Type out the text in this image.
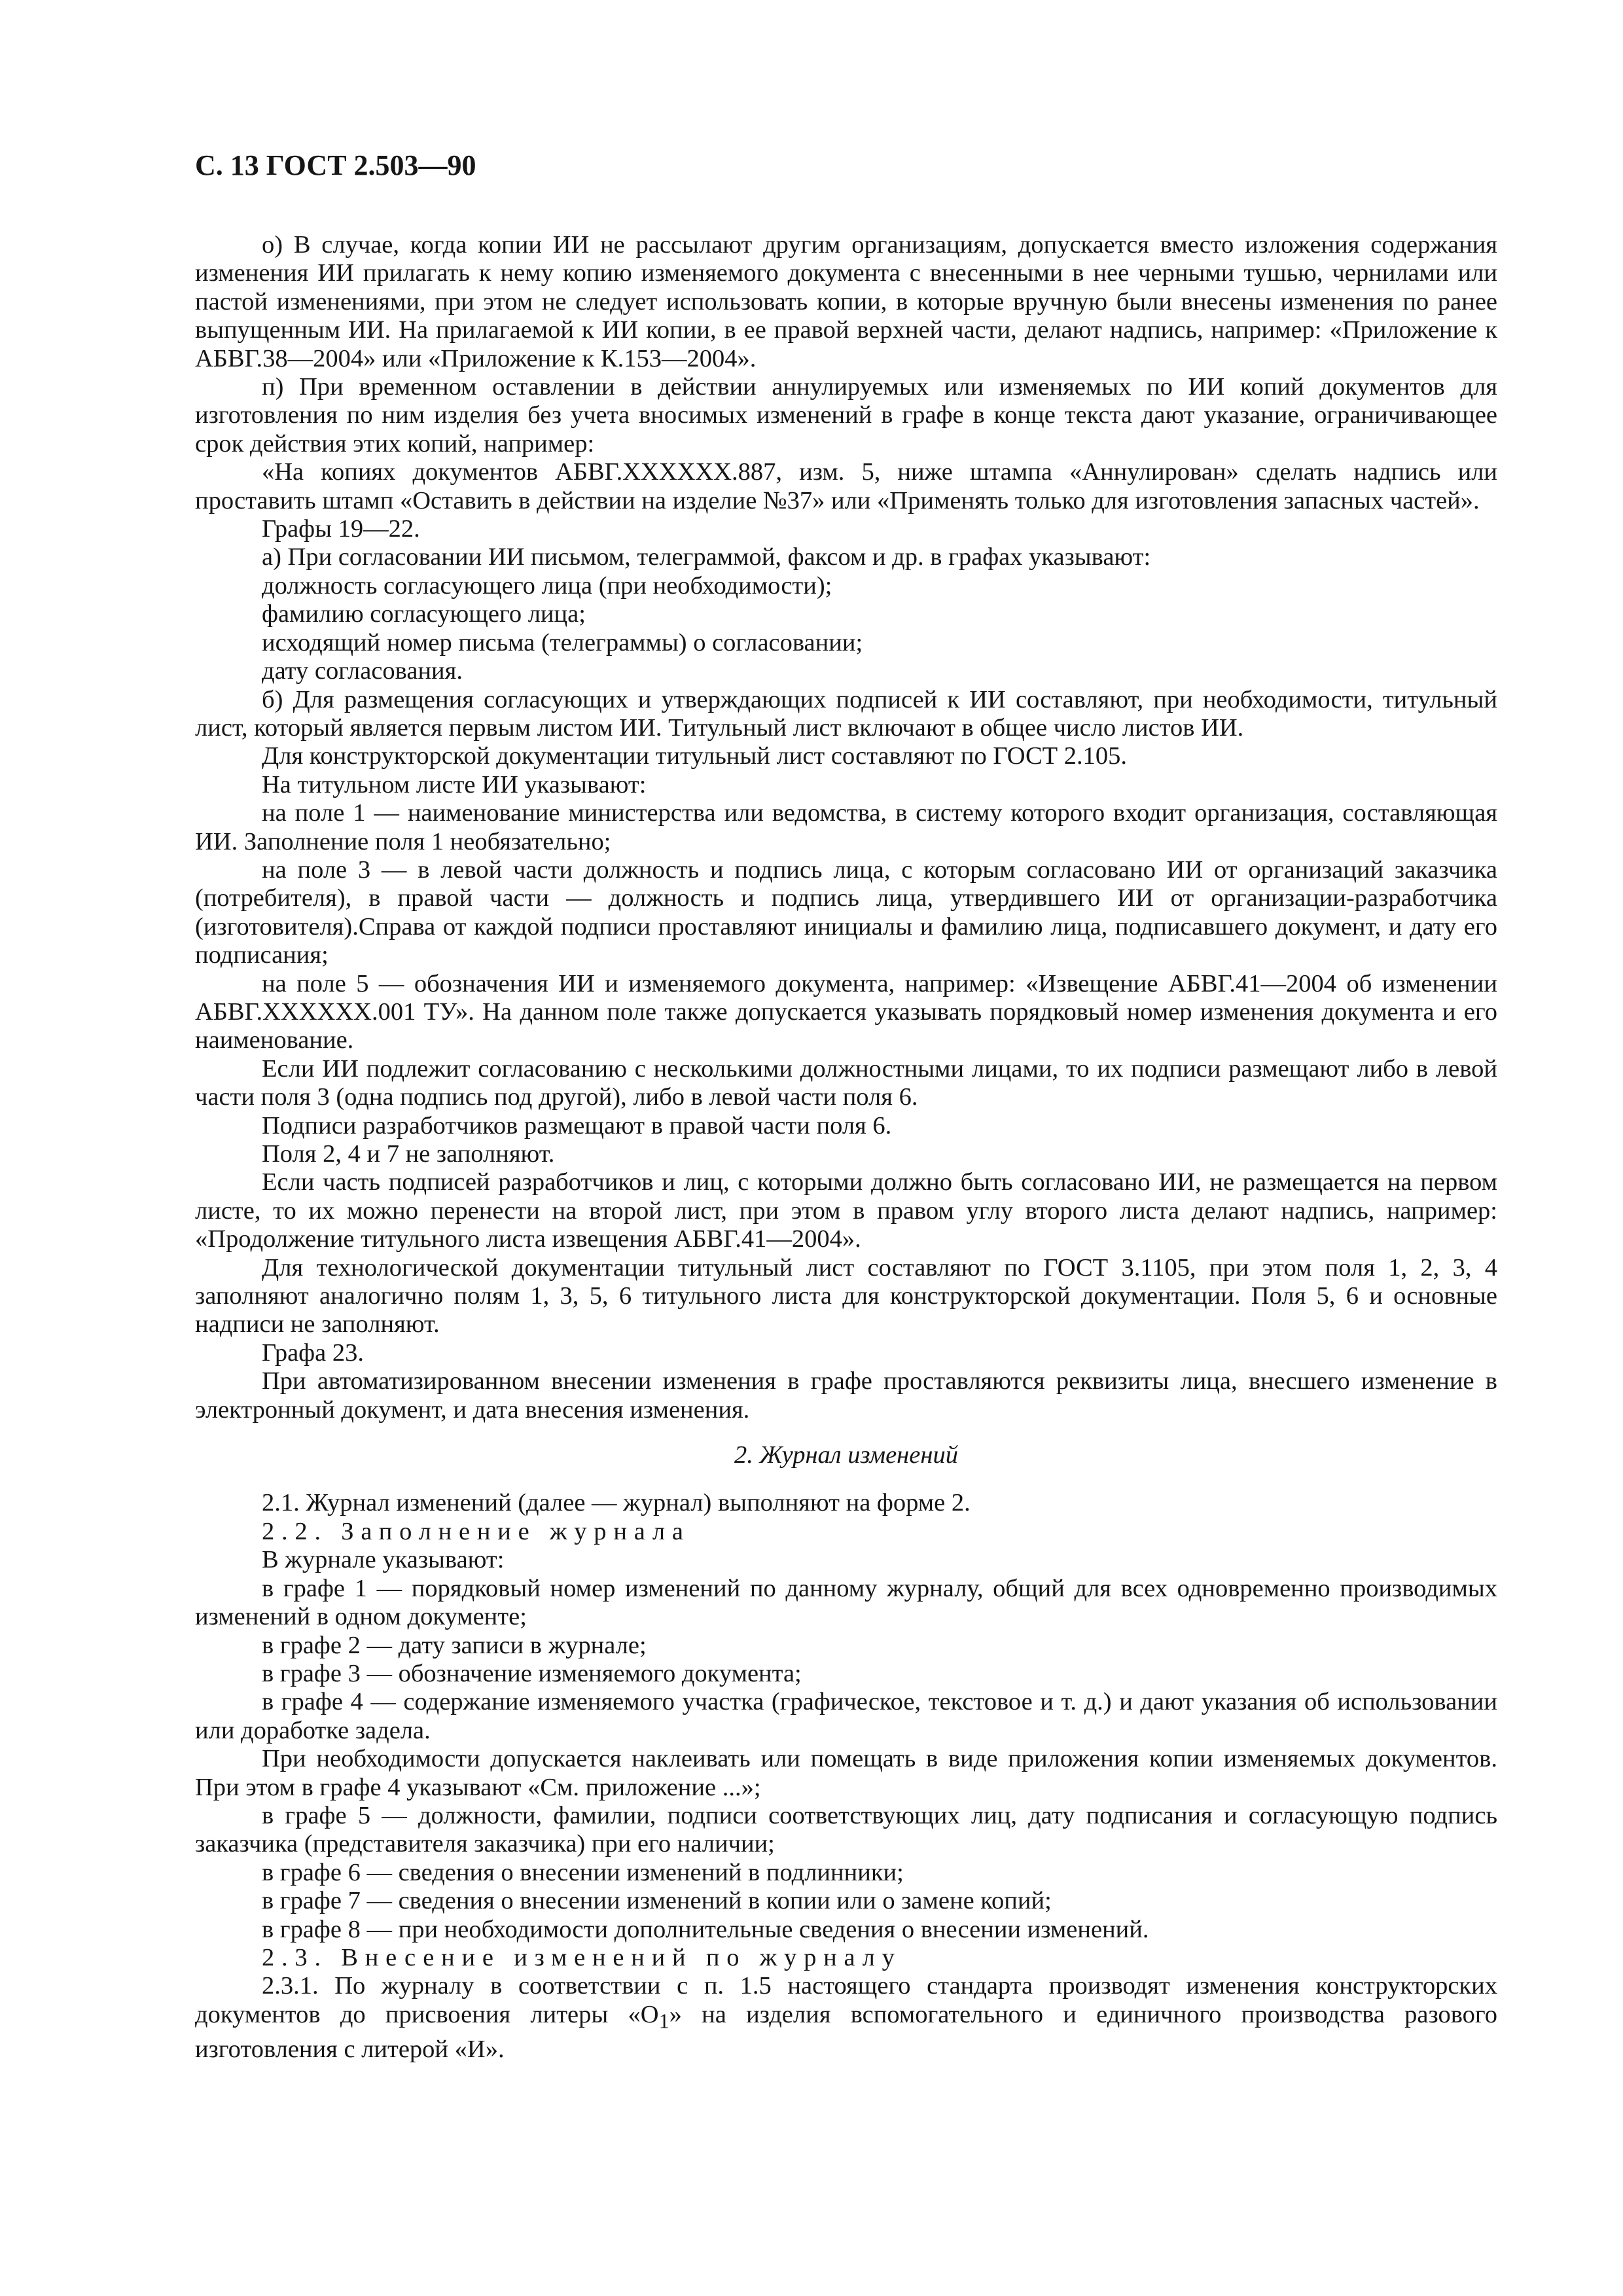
С. 13 ГОСТ 2.503—90

о) В случае, когда копии ИИ не рассылают другим организациям, допускается вместо изложения содержания изменения ИИ прилагать к нему копию изменяемого документа с внесенными в нее черными тушью, чернилами или пастой изменениями, при этом не следует использовать копии, в которые вручную были внесены изменения по ранее выпущенным ИИ. На прилагаемой к ИИ копии, в ее правой верхней части, делают надпись, например: «Приложение к АБВГ.38—2004» или «Приложение к К.153—2004».

п) При временном оставлении в действии аннулируемых или изменяемых по ИИ копий документов для изготовления по ним изделия без учета вносимых изменений в графе в конце текста дают указание, ограничивающее срок действия этих копий, например:

«На копиях документов АБВГ.XXXXXX.887, изм. 5, ниже штампа «Аннулирован» сделать надпись или проставить штамп «Оставить в действии на изделие №37» или «Применять только для изготовления запасных частей».

Графы 19—22.

а) При согласовании ИИ письмом, телеграммой, факсом и др. в графах указывают:

должность согласующего лица (при необходимости);

фамилию согласующего лица;

исходящий номер письма (телеграммы) о согласовании;

дату согласования.

б) Для размещения согласующих и утверждающих подписей к ИИ составляют, при необходимости, титульный лист, который является первым листом ИИ. Титульный лист включают в общее число листов ИИ.

Для конструкторской документации титульный лист составляют по ГОСТ 2.105.

На титульном листе ИИ указывают:

на поле 1 — наименование министерства или ведомства, в систему которого входит организация, составляющая ИИ. Заполнение поля 1 необязательно;

на поле 3 — в левой части должность и подпись лица, с которым согласовано ИИ от организаций заказчика (потребителя), в правой части — должность и подпись лица, утвердившего ИИ от организации-разработчика (изготовителя).Справа от каждой подписи проставляют инициалы и фамилию лица, подписавшего документ, и дату его подписания;

на поле 5 — обозначения ИИ и изменяемого документа, например: «Извещение АБВГ.41—2004 об изменении АБВГ.XXXXXX.001 ТУ». На данном поле также допускается указывать порядковый номер изменения документа и его наименование.

Если ИИ подлежит согласованию с несколькими должностными лицами, то их подписи размещают либо в левой части поля 3 (одна подпись под другой), либо в левой части поля 6.

Подписи разработчиков размещают в правой части поля 6.

Поля 2, 4 и 7 не заполняют.

Если часть подписей разработчиков и лиц, с которыми должно быть согласовано ИИ, не размещается на первом листе, то их можно перенести на второй лист, при этом в правом углу второго листа делают надпись, например: «Продолжение титульного листа извещения АБВГ.41—2004».

Для технологической документации титульный лист составляют по ГОСТ 3.1105, при этом поля 1, 2, 3, 4 заполняют аналогично полям 1, 3, 5, 6 титульного листа для конструкторской документации. Поля 5, 6 и основные надписи не заполняют.

Графа 23.

При автоматизированном внесении изменения в графе проставляются реквизиты лица, внесшего изменение в электронный документ, и дата внесения изменения.

2. Журнал изменений

2.1. Журнал изменений (далее — журнал) выполняют на форме 2.

2.2. Заполнение журнала

В журнале указывают:

в графе 1 — порядковый номер изменений по данному журналу, общий для всех одновременно производимых изменений в одном документе;

в графе 2 — дату записи в журнале;

в графе 3 — обозначение изменяемого документа;

в графе 4 — содержание изменяемого участка (графическое, текстовое и т. д.) и дают указания об использовании или доработке задела.

При необходимости допускается наклеивать или помещать в виде приложения копии изменяемых документов. При этом в графе 4 указывают «См. приложение ...»;

в графе 5 — должности, фамилии, подписи соответствующих лиц, дату подписания и согласующую подпись заказчика (представителя заказчика) при его наличии;

в графе 6 — сведения о внесении изменений в подлинники;

в графе 7 — сведения о внесении изменений в копии или о замене копий;

в графе 8 — при необходимости дополнительные сведения о внесении изменений.

2.3. Внесение изменений по журналу

2.3.1. По журналу в соответствии с п. 1.5 настоящего стандарта производят изменения конструкторских документов до присвоения литеры «$О_1$» на изделия вспомогательного и единичного производства разового изготовления с литерой «И».
